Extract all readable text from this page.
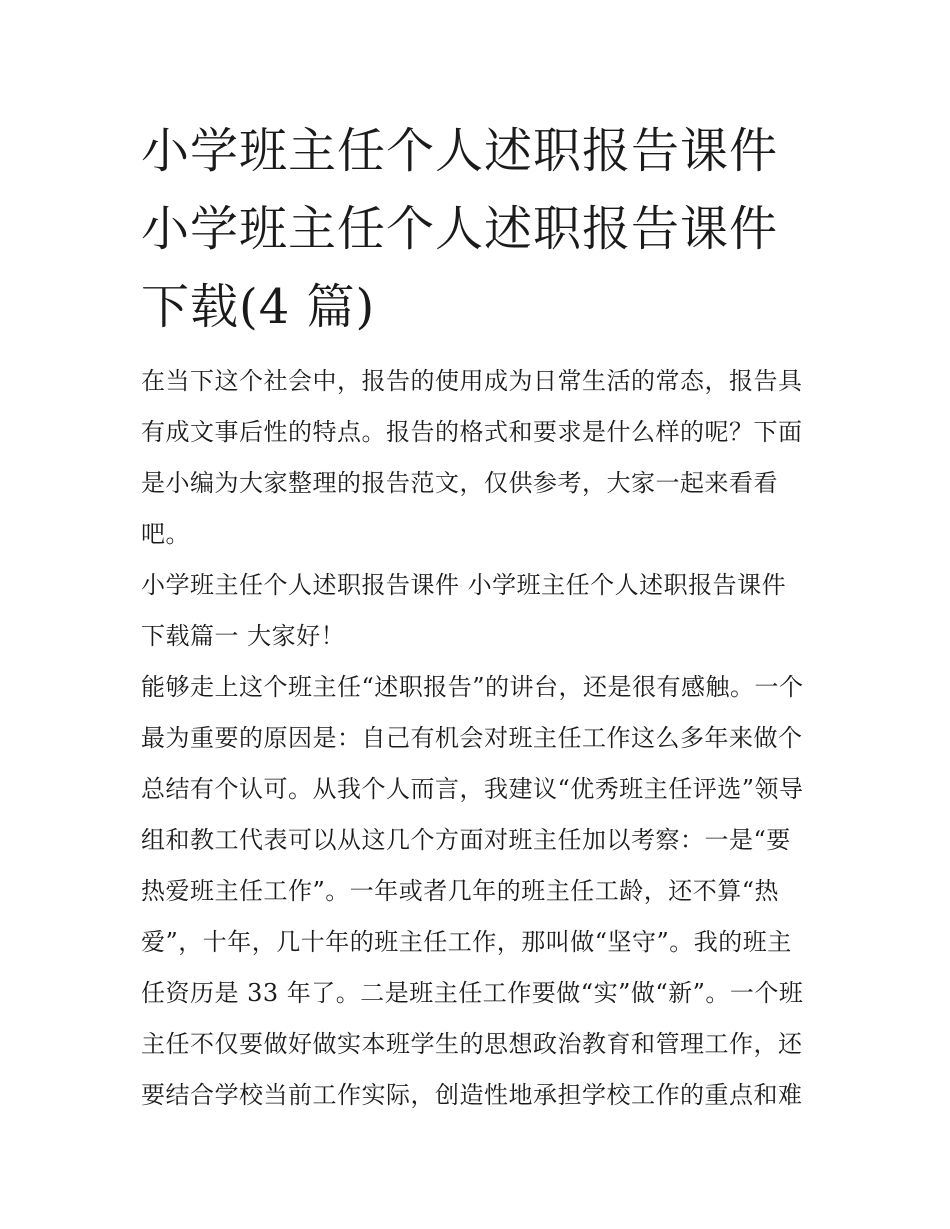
小学班主任个人述职报告课件
小学班主任个人述职报告课件
下载(4 篇)

在当下这个社会中，报告的使用成为日常生活的常态，报告具
有成文事后性的特点。报告的格式和要求是什么样的呢？下面
是小编为大家整理的报告范文，仅供参考，大家一起来看看
吧。

小学班主任个人述职报告课件 小学班主任个人述职报告课件
下载篇一 大家好！

能够走上这个班主任“述职报告”的讲台，还是很有感触。一个
最为重要的原因是：自己有机会对班主任工作这么多年来做个
总结有个认可。从我个人而言，我建议“优秀班主任评选”领导
组和教工代表可以从这几个方面对班主任加以考察：一是“要
热爱班主任工作”。一年或者几年的班主任工龄，还不算“热
爱”，十年，几十年的班主任工作，那叫做“坚守”。我的班主
任资历是 33 年了。二是班主任工作要做“实”做“新”。一个班
主任不仅要做好做实本班学生的思想政治教育和管理工作，还
要结合学校当前工作实际，创造性地承担学校工作的重点和难
